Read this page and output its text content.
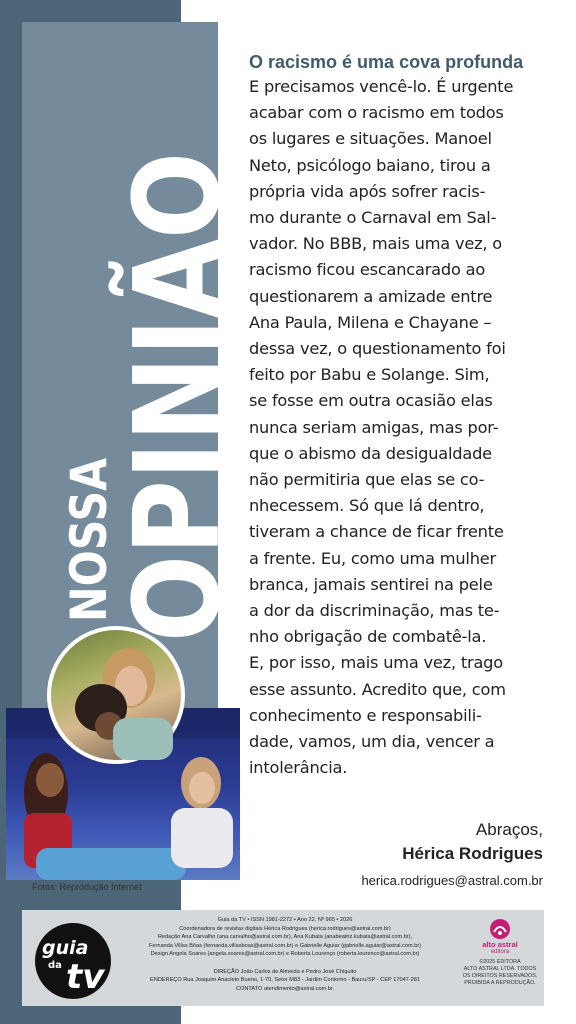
NOSSA
OPINIÃO
Fotos: Reprodução Internet
O racismo é uma cova profunda

E precisamos vencê-lo. É urgente
acabar com o racismo em todos
os lugares e situações. Manoel
Neto, psicólogo baiano, tirou a
própria vida após sofrer racis-
mo durante o Carnaval em Sal-
vador. No BBB, mais uma vez, o
racismo ficou escancarado ao
questionarem a amizade entre
Ana Paula, Milena e Chayane –
dessa vez, o questionamento foi
feito por Babu e Solange. Sim,
se fosse em outra ocasião elas
nunca seriam amigas, mas por-
que o abismo da desigualdade
não permitiria que elas se co-
nhecessem. Só que lá dentro,
tiveram a chance de ficar frente
a frente. Eu, como uma mulher
branca, jamais sentirei na pele
a dor da discriminação, mas te-
nho obrigação de combatê-la.
E, por isso, mais uma vez, trago
esse assunto. Acredito que, com
conhecimento e responsabili-
dade, vamos, um dia, vencer a
intolerância.

Abraços,
Hérica Rodrigues
herica.rodrigues@astral.com.br
guia
da tv
Guia da TV • ISSN 1981-2272 • Ano 22, Nº 965 • 2026
Coordenadora de revistas digitais Hérica Rodrigues (herica.rodrigues@astral.com.br)
Redação Ana Carvalho (ana.carvalho@astral.com.br), Ana Kubata (anabeatriz.kubata@astral.com.br),
Fernanda Villas Bôas (fernanda.villasboas@astral.com.br) e Gabrielle Aguiar (gabrielle.aguiar@astral.com.br)
Design Angela Soares (angela.soares@astral.com.br) e Roberta Lourenço (roberta.lourenco@astral.com.br)

DIREÇÃO João Carlos de Almeida e Pedro José Chiquito
ENDEREÇO Rua Joaquim Anacleto Bueno, 1-70, Setor M83 - Jardim Contorno - Bauru/SP - CEP 17047-281
CONTATO atendimento@astral.com.br.
alto astral
editora
©2025 EDITORA
ALTO ASTRAL LTDA. TODOS
OS DIREITOS RESERVADOS.
PROIBIDA A REPRODUÇÃO.
